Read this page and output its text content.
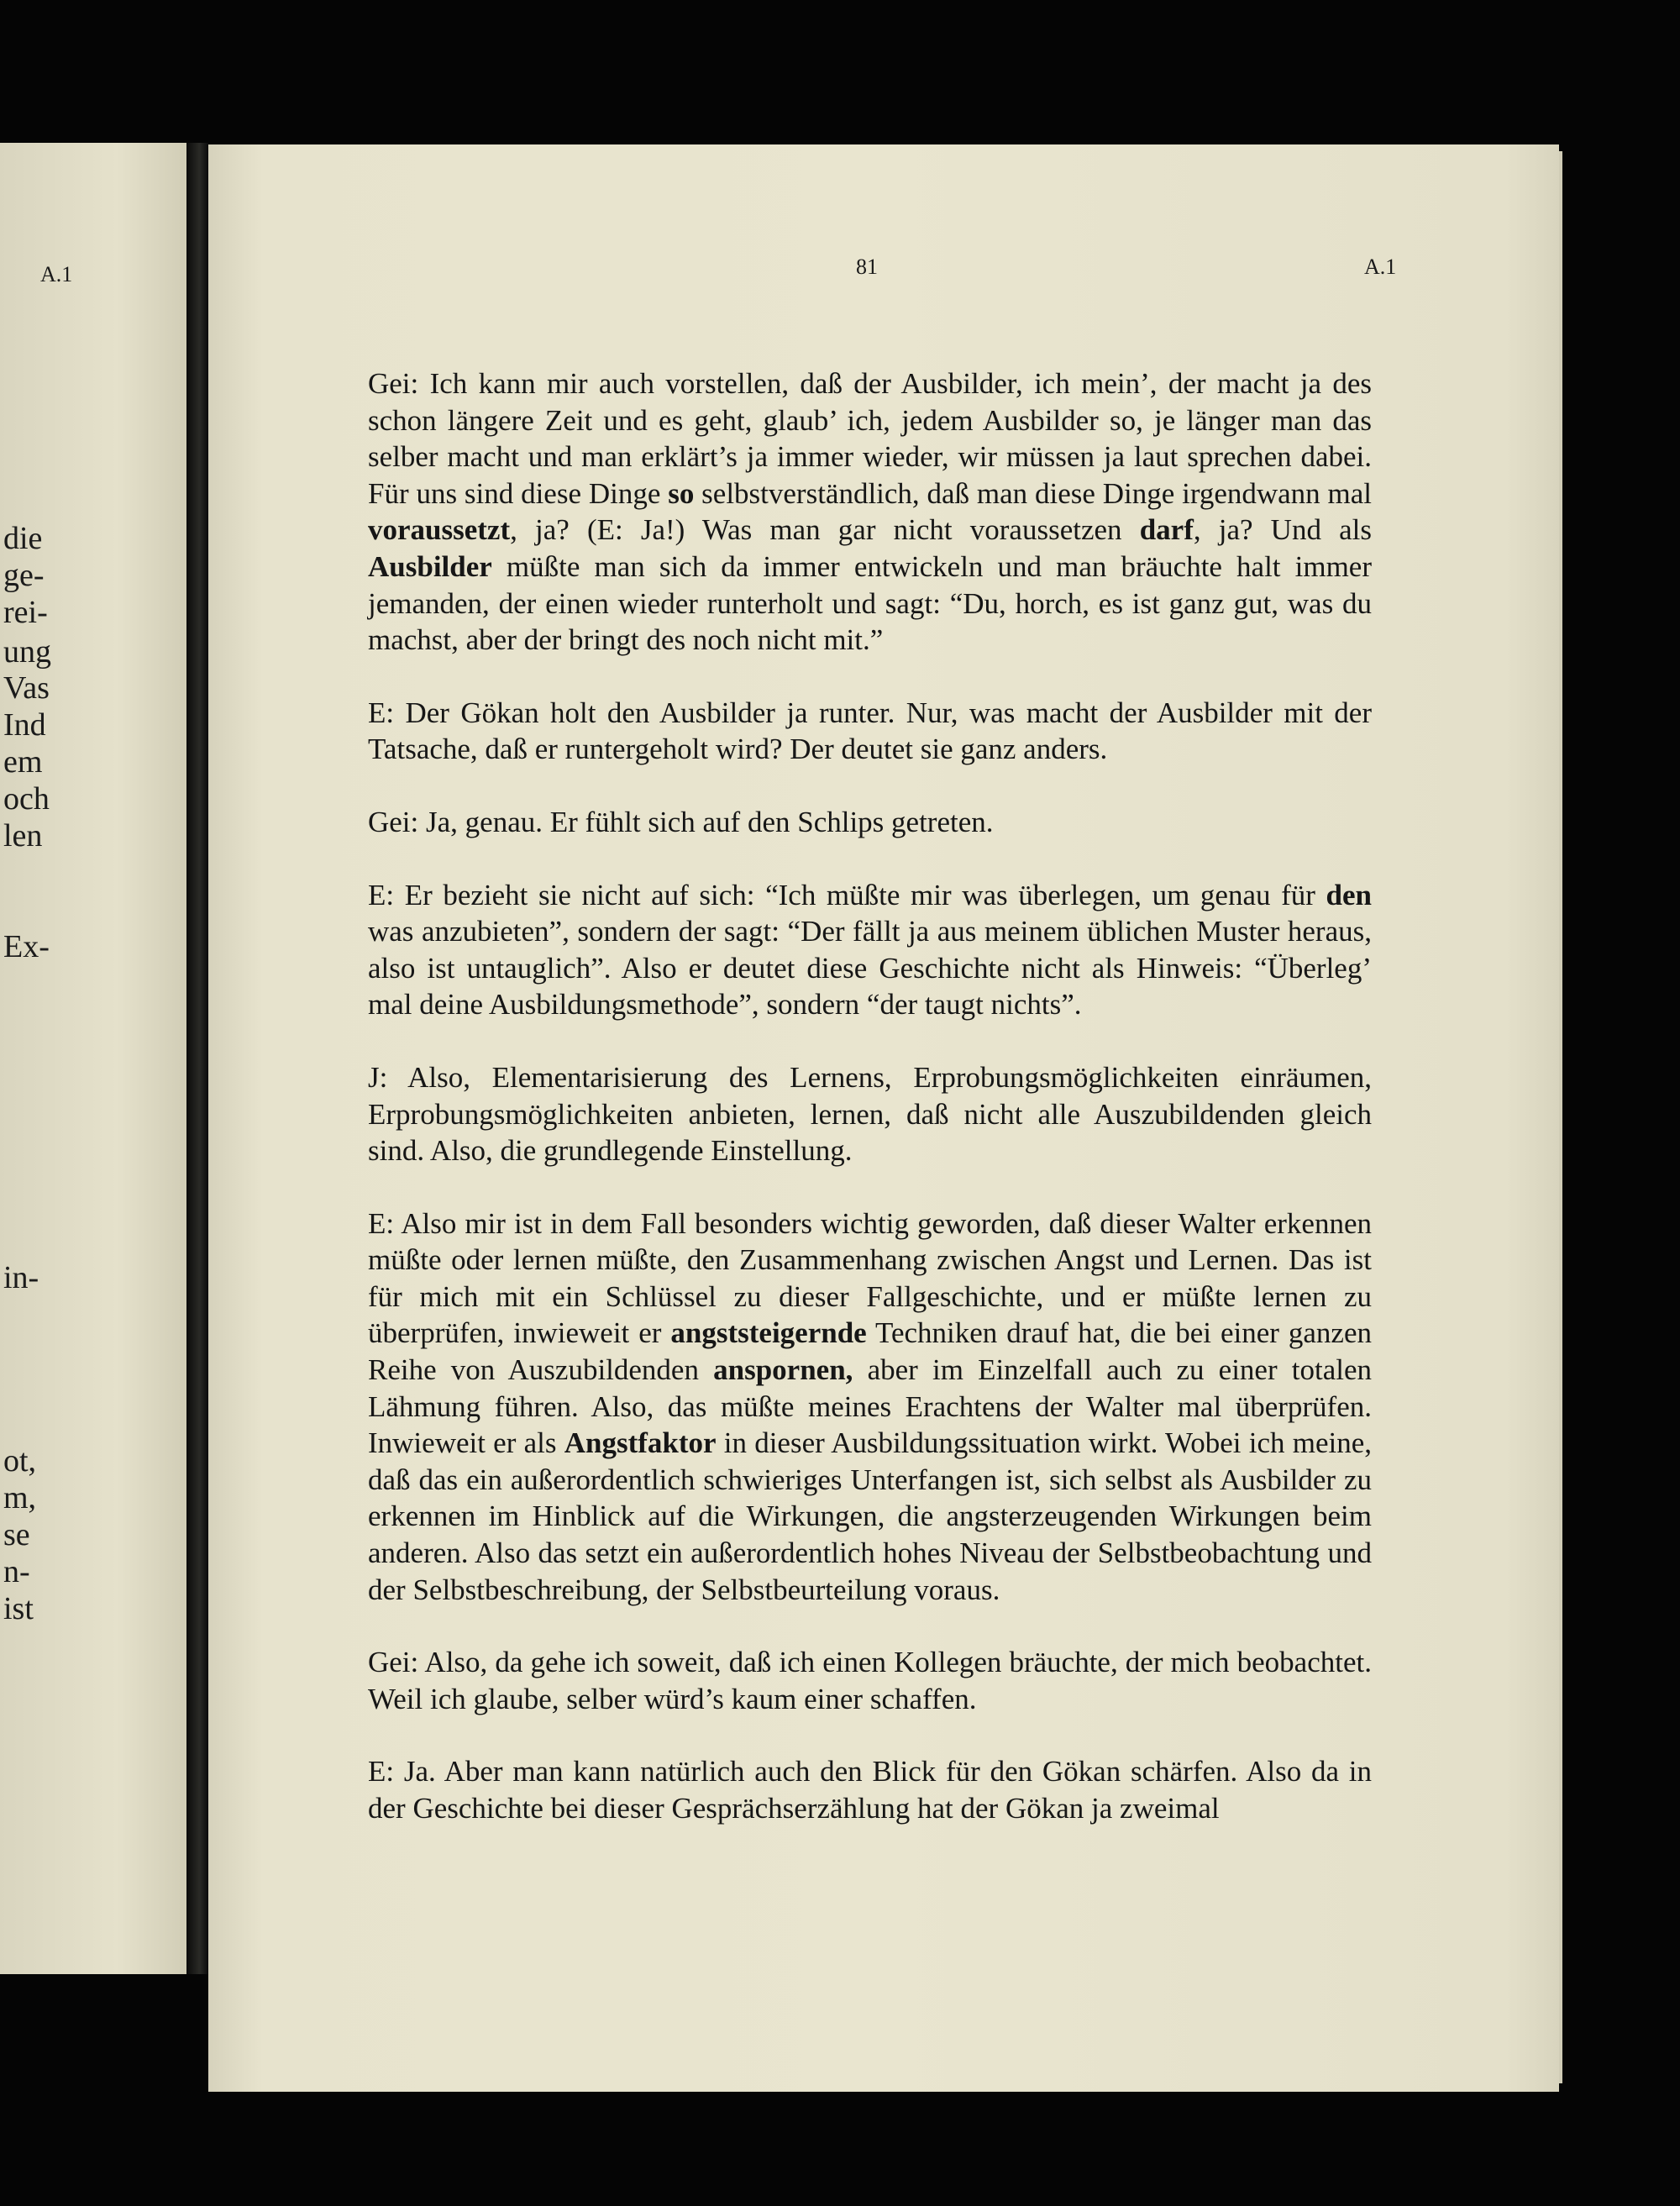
A.1
die
ge-
rei-
ung
Vas
Ind
em
och
len
Ex-
in-
ot,
m,
se
n-
ist
81	A.1

Gei: Ich kann mir auch vorstellen, daß der Ausbilder, ich mein’, der macht ja des schon längere Zeit und es geht, glaub’ ich, jedem Ausbilder so, je länger man das selber macht und man erklärt’s ja immer wieder, wir müssen ja laut sprechen dabei. Für uns sind diese Dinge so selbstverständlich, daß man diese Dinge irgendwann mal voraussetzt, ja? (E: Ja!) Was man gar nicht voraussetzen darf, ja? Und als Ausbilder müßte man sich da immer entwickeln und man bräuchte halt immer jemanden, der einen wieder runterholt und sagt: “Du, horch, es ist ganz gut, was du machst, aber der bringt des noch nicht mit.”

E: Der Gökan holt den Ausbilder ja runter. Nur, was macht der Ausbilder mit der Tatsache, daß er runtergeholt wird? Der deutet sie ganz anders.

Gei: Ja, genau. Er fühlt sich auf den Schlips getreten.

E: Er bezieht sie nicht auf sich: “Ich müßte mir was überlegen, um genau für den was anzubieten”, sondern der sagt: “Der fällt ja aus meinem üblichen Muster heraus, also ist untauglich”. Also er deutet diese Geschichte nicht als Hinweis: “Überleg’ mal deine Ausbildungsmethode”, sondern “der taugt nichts”.

J: Also, Elementarisierung des Lernens, Erprobungsmöglichkeiten einräumen, Erprobungsmöglichkeiten anbieten, lernen, daß nicht alle Auszubildenden gleich sind. Also, die grundlegende Einstellung.

E: Also mir ist in dem Fall besonders wichtig geworden, daß dieser Walter erkennen müßte oder lernen müßte, den Zusammenhang zwischen Angst und Lernen. Das ist für mich mit ein Schlüssel zu dieser Fallgeschichte, und er müßte lernen zu überprüfen, inwieweit er angststeigernde Techniken drauf hat, die bei einer ganzen Reihe von Auszubildenden anspornen, aber im Einzelfall auch zu einer totalen Lähmung führen. Also, das müßte meines Erachtens der Walter mal überprüfen. Inwieweit er als Angstfaktor in dieser Ausbildungssituation wirkt. Wobei ich meine, daß das ein außerordentlich schwieriges Unterfangen ist, sich selbst als Ausbilder zu erkennen im Hinblick auf die Wirkungen, die angsterzeugenden Wirkungen beim anderen. Also das setzt ein außerordentlich hohes Niveau der Selbstbeobachtung und der Selbstbeschreibung, der Selbstbeurteilung voraus.

Gei: Also, da gehe ich soweit, daß ich einen Kollegen bräuchte, der mich beobachtet. Weil ich glaube, selber würd’s kaum einer schaffen.

E: Ja. Aber man kann natürlich auch den Blick für den Gökan schärfen. Also da in der Geschichte bei dieser Gesprächserzählung hat der Gökan ja zweimal
